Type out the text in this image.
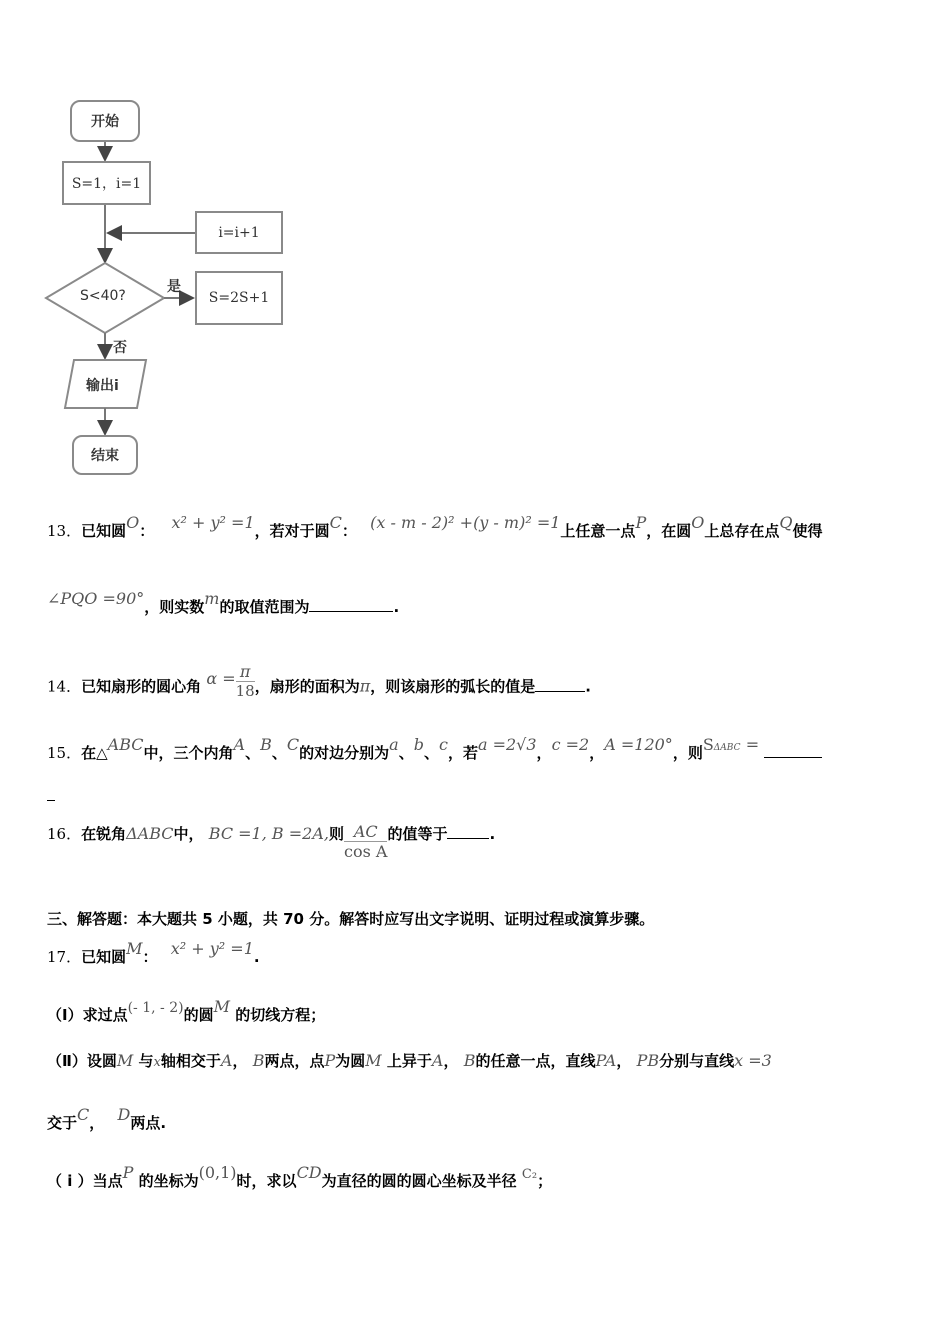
开始
S=1，i=1
i=i+1
S<40?
是
S=2S+1
否
输出i
结束
13．已知圆O： x² + y² =1，若对于圆C： (x - m - 2)² +(y - m)² =1上任意一点P，在圆O上总存在点Q使得
∠PQO =90°，则实数m的取值范围为	.
14．已知扇形的圆心角 $\alpha = \frac{\pi}{18}$ ，扇形的面积为π，则该扇形的弧长的值是	.
15．在△ABC中，三个内角A、B、C的对边分别为a、b、c，若a =2√3，c =2，A =120°，则$S^{\Delta ABC}$ =
16．在锐角ΔABC中， BC =1, B =2A,则 $\frac{AC}{\text{cos A}}$ 的值等于	.
三、解答题：本大题共 5 小题，共 70 分。解答时应写出文字说明、证明过程或演算步骤。
17．已知圆M： x² + y² =1.
（Ⅰ）求过点(- 1, - 2)的圆M 的切线方程；
（Ⅱ）设圆M 与x轴相交于A， B两点，点P为圆M 上异于A， B的任意一点，直线PA， PB分别与直线x =3
交于C， D两点.
（ i ）当点P 的坐标为(0,1)时，求以CD为直径的圆的圆心坐标及半径 C₂；
